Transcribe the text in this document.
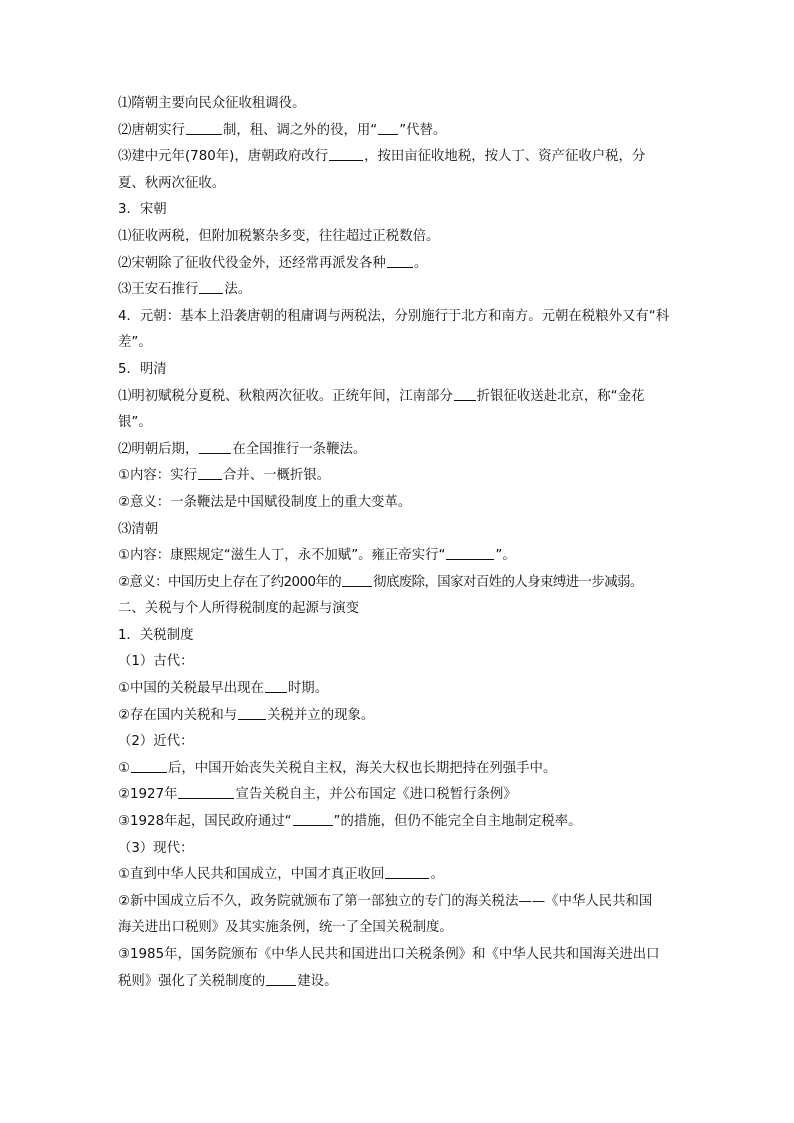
⑴隋朝主要向民众征收租调役。
⑵唐朝实行	制，租、调之外的役，用“ ”代替。
⑶建中元年(780年)，唐朝政府改行	，按田亩征收地税，按人丁、资产征收户税，分夏、秋两次征收。
3．宋朝
⑴征收两税，但附加税繁杂多变，往往超过正税数倍。
⑵宋朝除了征收代役金外，还经常再派发各种 。
⑶王安石推行 法。
4．元朝：基本上沿袭唐朝的租庸调与两税法，分别施行于北方和南方。元朝在税粮外又有“科差”。
5．明清
⑴明初赋税分夏税、秋粮两次征收。正统年间，江南部分 折银征收送赴北京，称“金花银”。
⑵明朝后期，	在全国推行一条鞭法。
①内容：实行 合并、一概折银。
②意义：一条鞭法是中国赋役制度上的重大变革。
⑶清朝
①内容：康熙规定“滋生人丁，永不加赋”。雍正帝实行“	”。
②意义：中国历史上存在了约2000年的 彻底废除，国家对百姓的人身束缚进一步减弱。
二、关税与个人所得税制度的起源与演变
1．关税制度
（1）古代：
①中国的关税最早出现在 时期。
②存在国内关税和与 关税并立的现象。
（2）近代：
①	后，中国开始丧失关税自主权，海关大权也长期把持在列强手中。
②1927年	宣告关税自主，并公布国定《进口税暂行条例》
③1928年起，国民政府通过“	”的措施，但仍不能完全自主地制定税率。
（3）现代：
①直到中华人民共和国成立，中国才真正收回	。
②新中国成立后不久，政务院就颁布了第一部独立的专门的海关税法——《中华人民共和国海关进出口税则》及其实施条例，统一了全国关税制度。
③1985年，国务院颁布《中华人民共和国进出口关税条例》和《中华人民共和国海关进出口税则》强化了关税制度的 建设。
